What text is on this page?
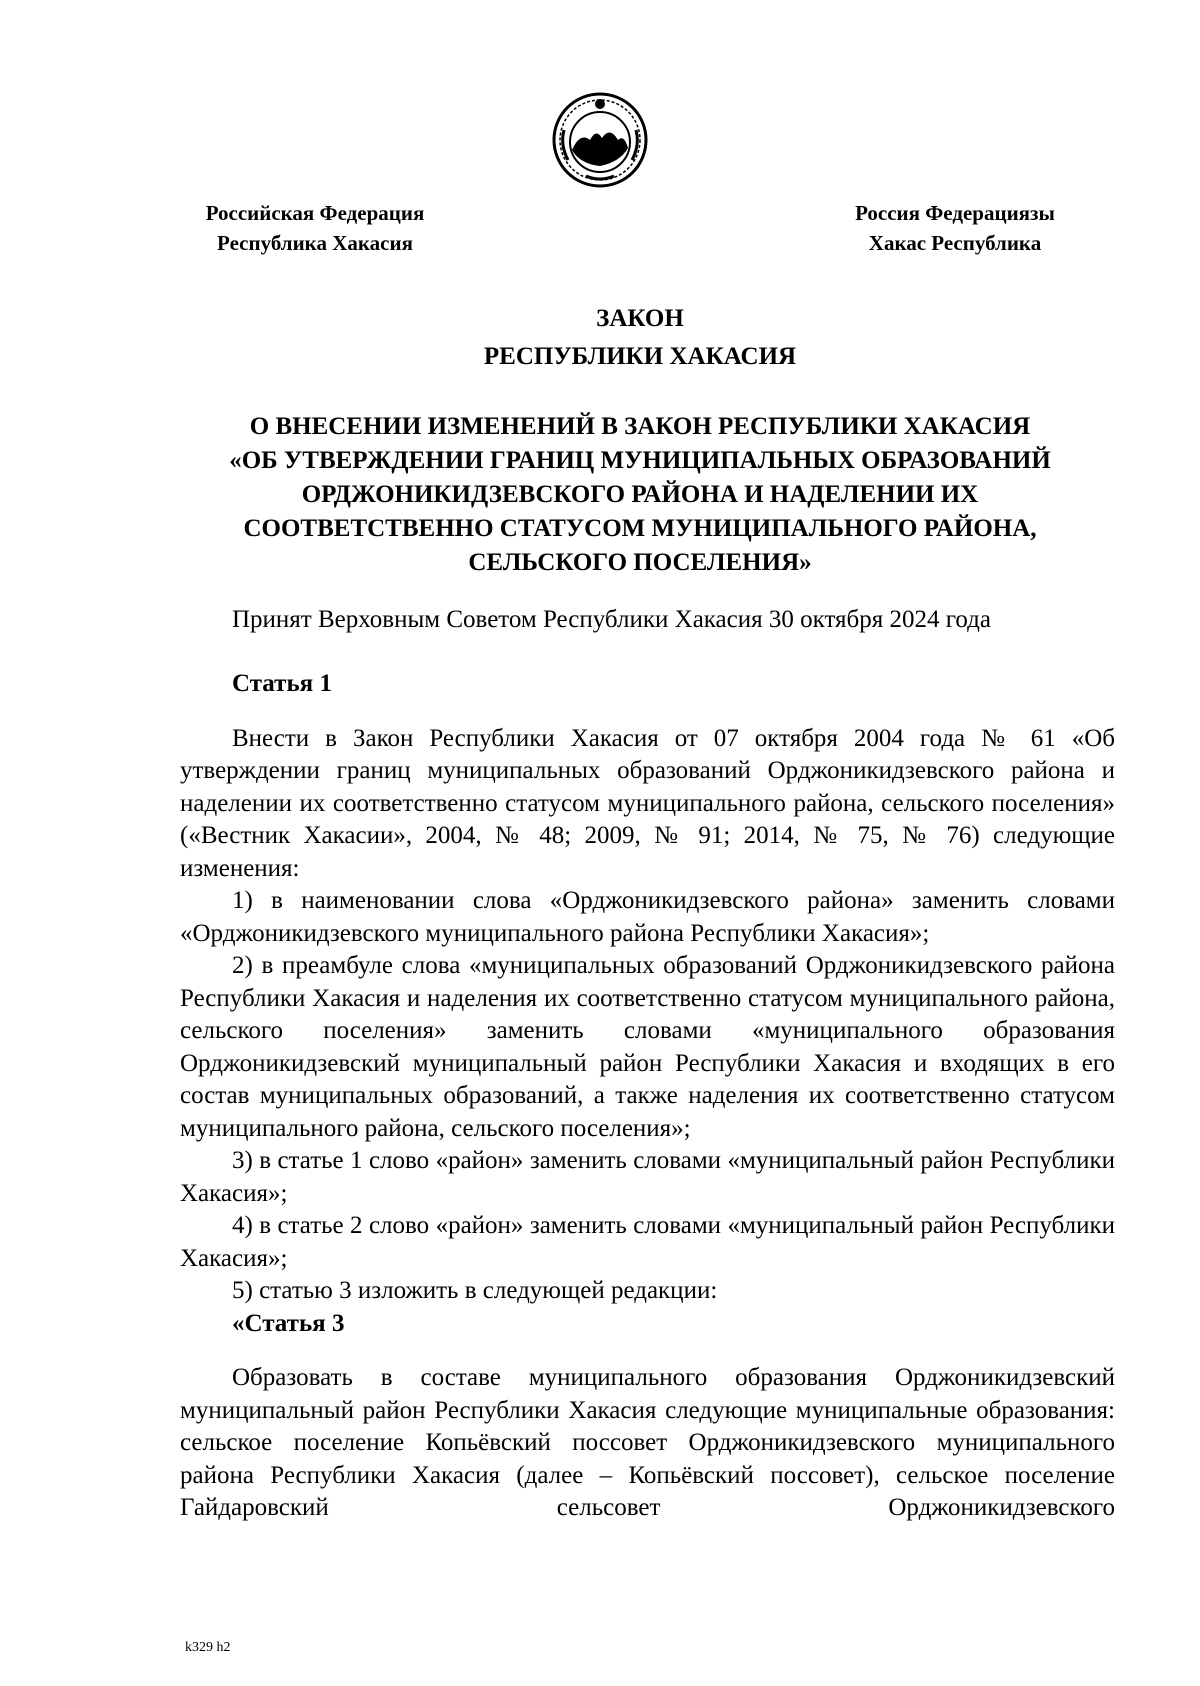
Российская Федерация
Республика Хакасия
Россия Федерациязы
Хакас Республика
ЗАКОН
РЕСПУБЛИКИ ХАКАСИЯ
О ВНЕСЕНИИ ИЗМЕНЕНИЙ В ЗАКОН РЕСПУБЛИКИ ХАКАСИЯ
«ОБ УТВЕРЖДЕНИИ ГРАНИЦ МУНИЦИПАЛЬНЫХ ОБРАЗОВАНИЙ
ОРДЖОНИКИДЗЕВСКОГО РАЙОНА И НАДЕЛЕНИИ ИХ
СООТВЕТСТВЕННО СТАТУСОМ МУНИЦИПАЛЬНОГО РАЙОНА,
СЕЛЬСКОГО ПОСЕЛЕНИЯ»
Принят Верховным Советом Республики Хакасия 30 октября 2024 года

Статья 1

Внести в Закон Республики Хакасия от 07 октября 2004 года № 61 «Об утверждении границ муниципальных образований Орджоникидзевского района и наделении их соответственно статусом муниципального района, сельского поселения» («Вестник Хакасии», 2004, № 48; 2009, № 91; 2014, № 75, № 76) следующие изменения:

1) в наименовании слова «Орджоникидзевского района» заменить словами «Орджоникидзевского муниципального района Республики Хакасия»;

2) в преамбуле слова «муниципальных образований Орджоникидзевского района Республики Хакасия и наделения их соответственно статусом муниципального района, сельского поселения» заменить словами «муниципального образования Орджоникидзевский муниципальный район Республики Хакасия и входящих в его состав муниципальных образований, а также наделения их соответственно статусом муниципального района, сельского поселения»;

3) в статье 1 слово «район» заменить словами «муниципальный район Республики Хакасия»;

4) в статье 2 слово «район» заменить словами «муниципальный район Республики Хакасия»;

5) статью 3 изложить в следующей редакции:

«Статья 3

Образовать в составе муниципального образования Орджоникидзевский муниципальный район Республики Хакасия следующие муниципальные образования: сельское поселение Копьёвский поссовет Орджоникидзевского муниципального района Республики Хакасия (далее – Копьёвский поссовет), сельское поселение Гайдаровский сельсовет Орджоникидзевского

k329 h2
